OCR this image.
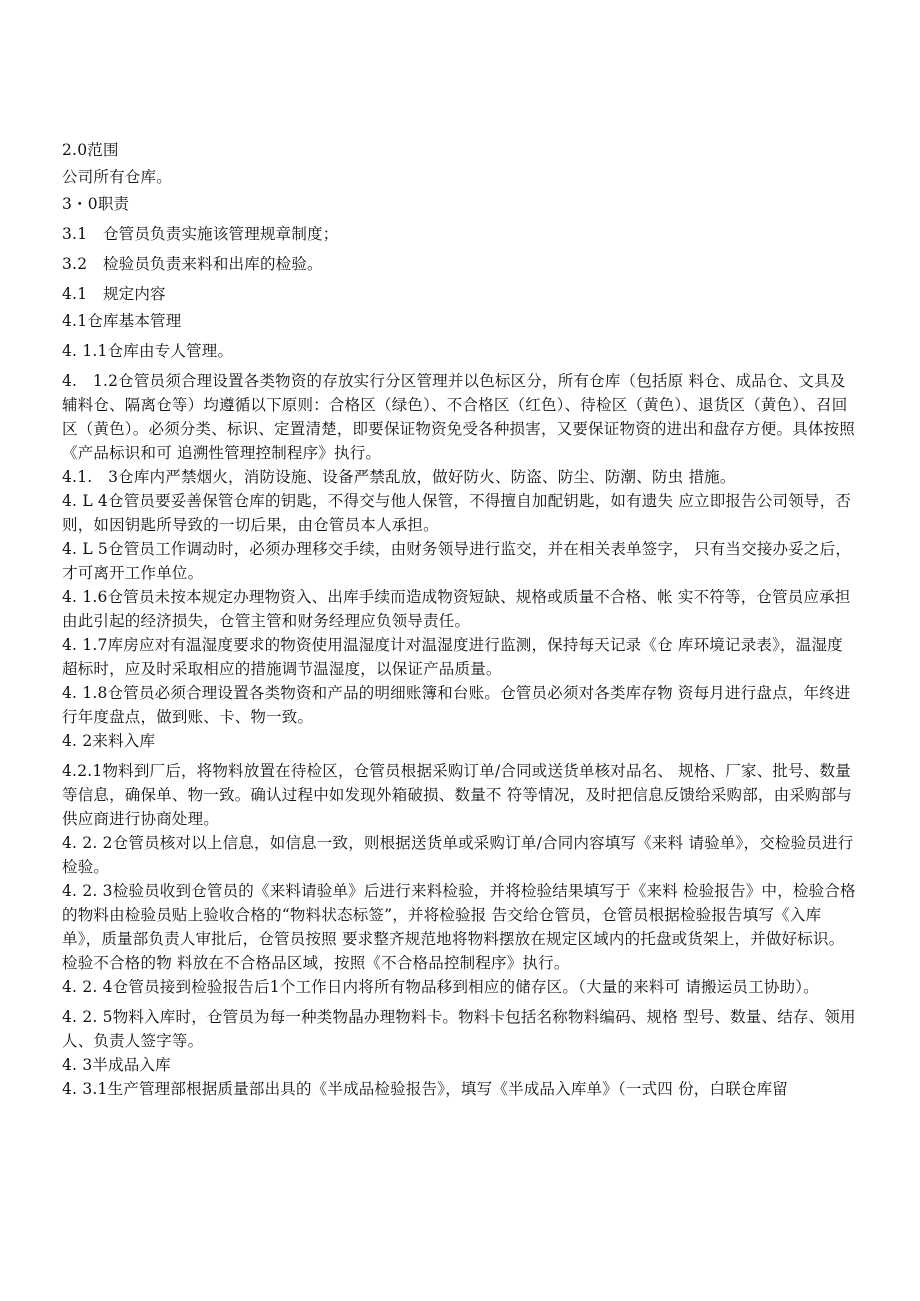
2.0范围

公司所有仓库。

3・0职责

3.1　仓管员负责实施该管理规章制度；

3.2　检验员负责来料和出库的检验。

4.1　规定内容

4.1仓库基本管理

4. 1.1仓库由专人管理。

4.　1.2仓管员须合理设置各类物资的存放实行分区管理并以色标区分，所有仓库（包括原 料仓、成品仓、文具及辅料仓、隔离仓等）均遵循以下原则：合格区（绿色）、不合格区（红色）、待检区（黄色）、退货区（黄色）、召回区（黄色）。必须分类、标识、定置清楚，即要保证物资免受各种损害，又要保证物资的进出和盘存方便。具体按照《产品标识和可 追溯性管理控制程序》执行。

4.1.　3仓库内严禁烟火，消防设施、设备严禁乱放，做好防火、防盗、防尘、防潮、防虫 措施。

4. L 4仓管员要妥善保管仓库的钥匙，不得交与他人保管，不得擅自加配钥匙，如有遗失 应立即报告公司领导，否则，如因钥匙所导致的一切后果，由仓管员本人承担。

4. L 5仓管员工作调动时，必须办理移交手续，由财务领导进行监交，并在相关表单签字， 只有当交接办妥之后，才可离开工作单位。

4. 1.6仓管员未按本规定办理物资入、出库手续而造成物资短缺、规格或质量不合格、帐 实不符等，仓管员应承担由此引起的经济损失，仓管主管和财务经理应负领导责任。

4. 1.7库房应对有温湿度要求的物资使用温湿度计对温湿度进行监测，保持每天记录《仓 库环境记录表》，温湿度超标时，应及时采取相应的措施调节温湿度，以保证产品质量。

4. 1.8仓管员必须合理设置各类物资和产品的明细账簿和台账。仓管员必须对各类库存物 资每月进行盘点，年终进行年度盘点，做到账、卡、物一致。

4. 2来料入库

4.2.1物料到厂后，将物料放置在待检区，仓管员根据采购订单/合同或送货单核对品名、 规格、厂家、批号、数量等信息，确保单、物一致。确认过程中如发现外箱破损、数量不 符等情况，及时把信息反馈给采购部，由采购部与供应商进行协商处理。

4. 2. 2仓管员核对以上信息，如信息一致，则根据送货单或采购订单/合同内容填写《来料 请验单》，交检验员进行检验。

4. 2. 3检验员收到仓管员的《来料请验单》后进行来料检验，并将检验结果填写于《来料 检验报告》中，检验合格的物料由检验员贴上验收合格的“物料状态标签”，并将检验报 告交给仓管员，仓管员根据检验报告填写《入库单》，质量部负责人审批后，仓管员按照 要求整齐规范地将物料摆放在规定区域内的托盘或货架上，并做好标识。检验不合格的物 料放在不合格品区域，按照《不合格品控制程序》执行。

4. 2. 4仓管员接到检验报告后1个工作日内将所有物品移到相应的储存区。（大量的来料可 请搬运员工协助）。

4. 2. 5物料入库时，仓管员为每一种类物晶办理物料卡。物料卡包括名称物料编码、规格 型号、数量、结存、领用人、负责人签字等。

4. 3半成品入库

4. 3.1生产管理部根据质量部出具的《半成品检验报告》，填写《半成品入库单》（一式四 份，白联仓库留
